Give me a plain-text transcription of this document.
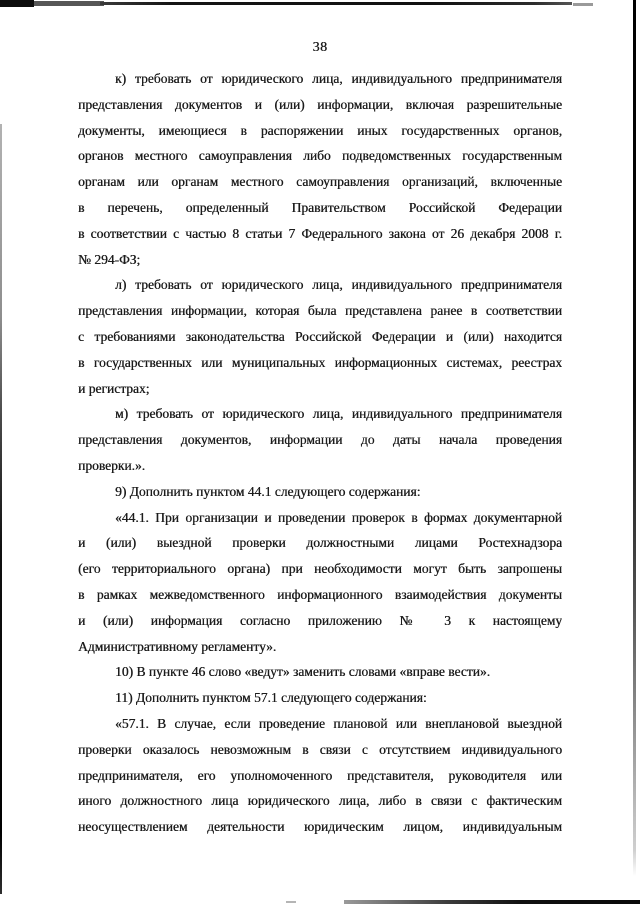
38
к) требовать от юридического лица, индивидуального предпринимателя
представления документов и (или) информации, включая разрешительные
документы, имеющиеся в распоряжении иных государственных органов,
органов местного самоуправления либо подведомственных государственным
органам или органам местного самоуправления организаций, включенные
в перечень, определенный Правительством Российской Федерации
в соответствии с частью 8 статьи 7 Федерального закона от 26 декабря 2008 г.
№ 294-ФЗ;
л) требовать от юридического лица, индивидуального предпринимателя
представления информации, которая была представлена ранее в соответствии
с требованиями законодательства Российской Федерации и (или) находится
в государственных или муниципальных информационных системах, реестрах
и регистрах;
м) требовать от юридического лица, индивидуального предпринимателя
представления документов, информации до даты начала проведения
проверки.».
9) Дополнить пунктом 44.1 следующего содержания:
«44.1. При организации и проведении проверок в формах документарной
и (или) выездной проверки должностными лицами Ростехнадзора
(его территориального органа) при необходимости могут быть запрошены
в рамках межведомственного информационного взаимодействия документы
и (или) информация согласно приложению № 3 к настоящему
Административному регламенту».
10) В пункте 46 слово «ведут» заменить словами «вправе вести».
11) Дополнить пунктом 57.1 следующего содержания:
«57.1. В случае, если проведение плановой или внеплановой выездной
проверки оказалось невозможным в связи с отсутствием индивидуального
предпринимателя, его уполномоченного представителя, руководителя или
иного должностного лица юридического лица, либо в связи с фактическим
неосуществлением деятельности юридическим лицом, индивидуальным
